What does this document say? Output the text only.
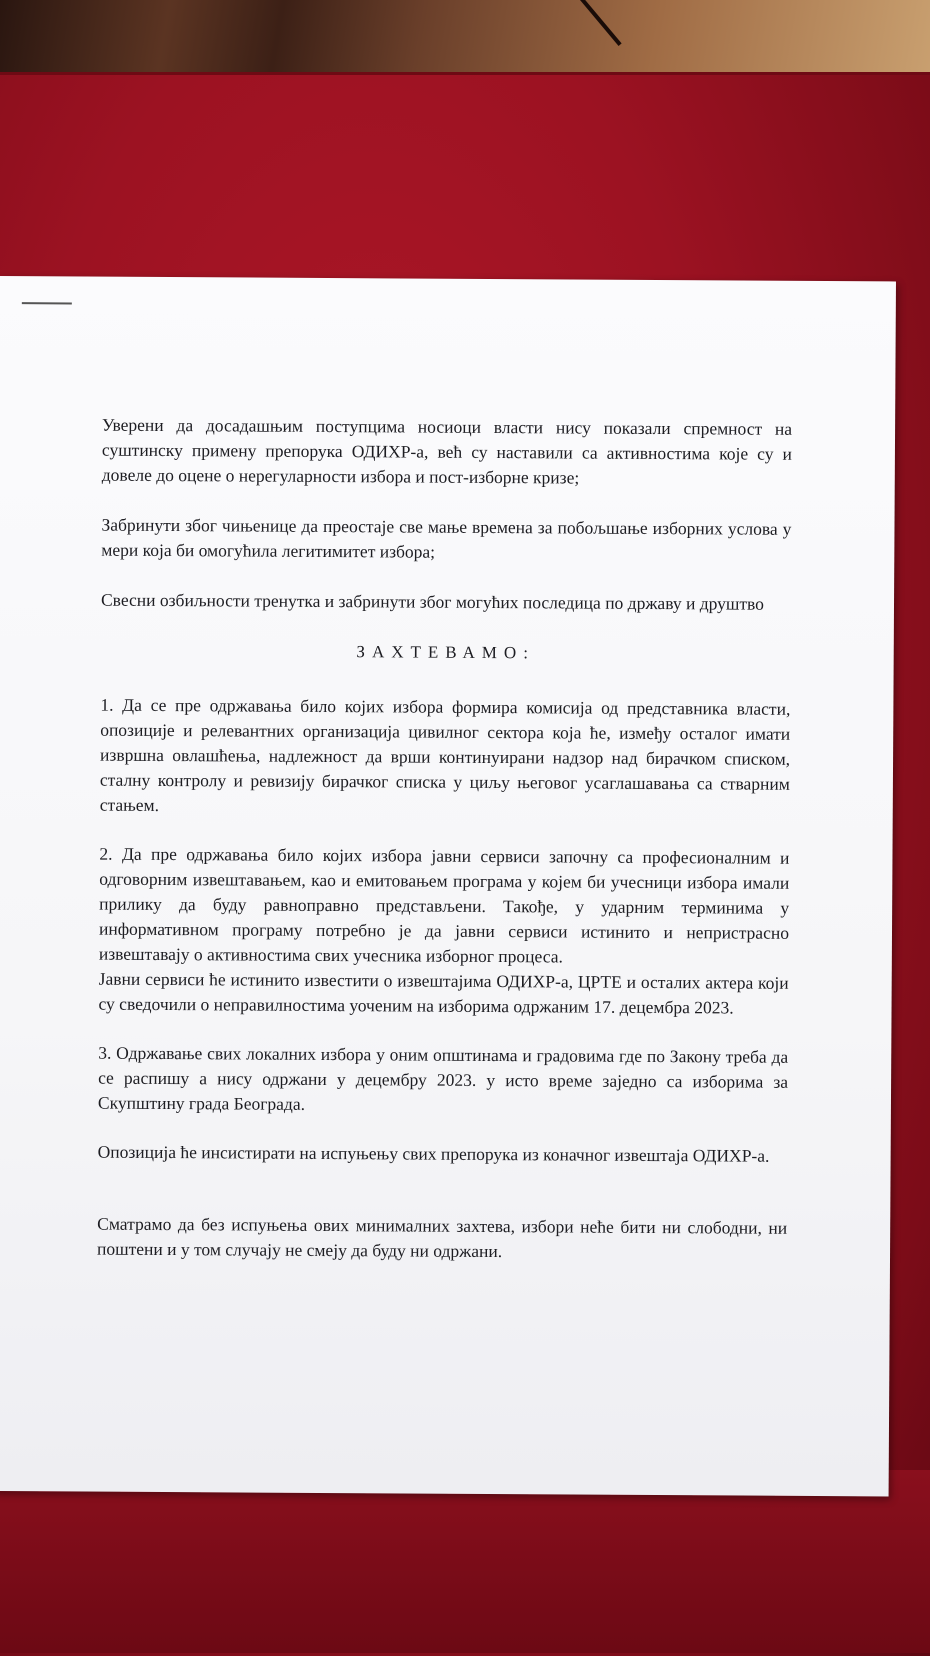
Уверени да досадашњим поступцима носиоци власти нису показали спремност на суштинску примену препорука ОДИХР-а, већ су наставили са активностима које су и довеле до оцене о нерегуларности избора и пост-изборне кризе;

Забринути због чињенице да преостаје све мање времена за побољшање изборних услова у мери која би омогућила легитимитет избора;

Свесни озбиљности тренутка и забринути због могућих последица по државу и друштво

ЗАХТЕВАМО:

1. Да се пре одржавања било којих избора формира комисија од представника власти, опозиције и релевантних организација цивилног сектора која ће, између осталог имати извршна овлашћења, надлежност да врши континуирани надзор над бирачком списком, сталну контролу и ревизију бирачког списка у циљу његовог усаглашавања са стварним стањем.

2. Да пре одржавања било којих избора јавни сервиси започну са професионалним и одговорним извештавањем, као и емитовањем програма у којем би учесници избора имали прилику да буду равноправно представљени. Такође, у ударним терминима у информативном програму потребно је да јавни сервиси истинито и непристрасно извештавају о активностима свих учесника изборног процеса.

Јавни сервиси ће истинито известити о извештајима ОДИХР-а, ЦРТЕ и осталих актера који су сведочили о неправилностима уоченим на изборима одржаним 17. децембра 2023.

3. Одржавање свих локалних избора у оним општинама и градовима где по Закону треба да се распишу а нису одржани у децембру 2023. у исто време заједно са изборима за Скупштину града Београда.

Опозиција ће инсистирати на испуњењу свих препорука из коначног извештаја ОДИХР-а.

Сматрамо да без испуњења ових минималних захтева, избори неће бити ни слободни, ни поштени и у том случају не смеју да буду ни одржани.
